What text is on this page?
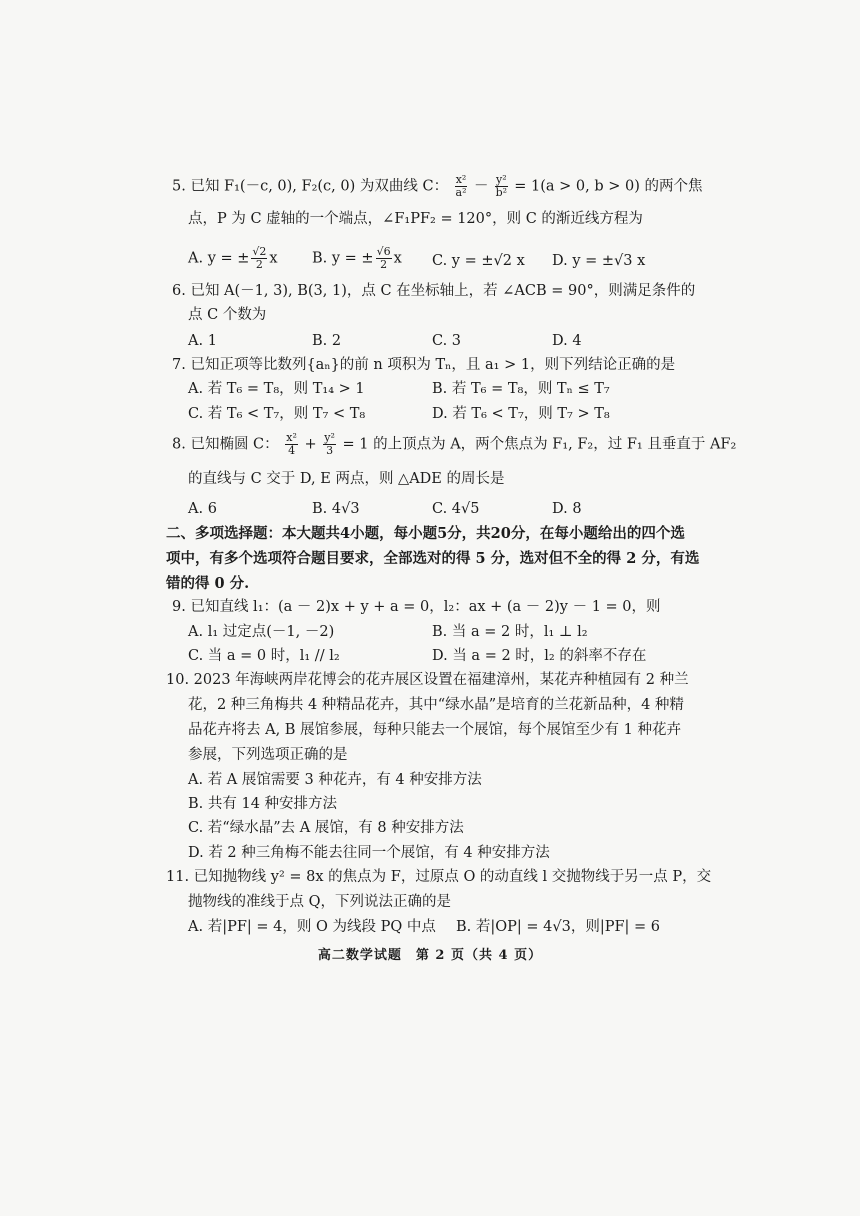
5. 已知 F₁(－c, 0), F₂(c, 0) 为双曲线 C： $\frac{\text{x²}}{\text{a²}} - \frac{\text{y²}}{\text{b²}} = 1(a > 0$, b > 0) 的两个焦
点，P 为 C 虚轴的一个端点，∠F₁PF₂ = 120°，则 C 的渐近线方程为
A. y = ± $\frac{√2}{2}$ x B. y = ± $\frac{√6}{2}$ x C. y = ±√2 x D. y = ±√3 x
6. 已知 A(－1, 3), B(3, 1)，点 C 在坐标轴上，若 ∠ACB = 90°，则满足条件的
点 C 个数为
A. 1	B. 2	C. 3	D. 4
7. 已知正项等比数列{aₙ}的前 n 项积为 Tₙ，且 a₁ > 1，则下列结论正确的是
A. 若 T₆ = T₈，则 T₁₄ > 1	B. 若 T₆ = T₈，则 Tₙ ≤ T₇
C. 若 T₆ < T₇，则 T₇ < T₈	D. 若 T₆ < T₇，则 T₇ > T₈
8. 已知椭圆 C： $\frac{\text{x²}}{4} + \frac{\text{y²}}{3} = 1$ 的上顶点为 A，两个焦点为 F₁, F₂，过 F₁ 且垂直于 AF₂
的直线与 C 交于 D, E 两点，则 △ADE 的周长是
A. 6	B. 4√3	C. 4√5	D. 8
二、多项选择题：本大题共4小题，每小题5分，共20分，在每小题给出的四个选
项中，有多个选项符合题目要求，全部选对的得 5 分，选对但不全的得 2 分，有选
错的得 0 分.
9. 已知直线 l₁：(a － 2)x + y + a = 0，l₂：ax + (a － 2)y － 1 = 0，则
A. l₁ 过定点(－1, －2)	B. 当 a = 2 时，l₁ ⊥ l₂
C. 当 a = 0 时，l₁ // l₂	D. 当 a = 2 时，l₂ 的斜率不存在
10. 2023 年海峡两岸花博会的花卉展区设置在福建漳州，某花卉种植园有 2 种兰
花，2 种三角梅共 4 种精品花卉，其中“绿水晶”是培育的兰花新品种，4 种精
品花卉将去 A, B 展馆参展，每种只能去一个展馆，每个展馆至少有 1 种花卉
参展，下列选项正确的是
A. 若 A 展馆需要 3 种花卉，有 4 种安排方法
B. 共有 14 种安排方法
C. 若“绿水晶”去 A 展馆，有 8 种安排方法
D. 若 2 种三角梅不能去往同一个展馆，有 4 种安排方法
11. 已知抛物线 y² = 8x 的焦点为 F，过原点 O 的动直线 l 交抛物线于另一点 P，交
抛物线的准线于点 Q，下列说法正确的是
A. 若|PF| = 4，则 O 为线段 PQ 中点 B. 若|OP| = 4√3，则|PF| = 6
高二数学试题　第 2 页（共 4 页）
